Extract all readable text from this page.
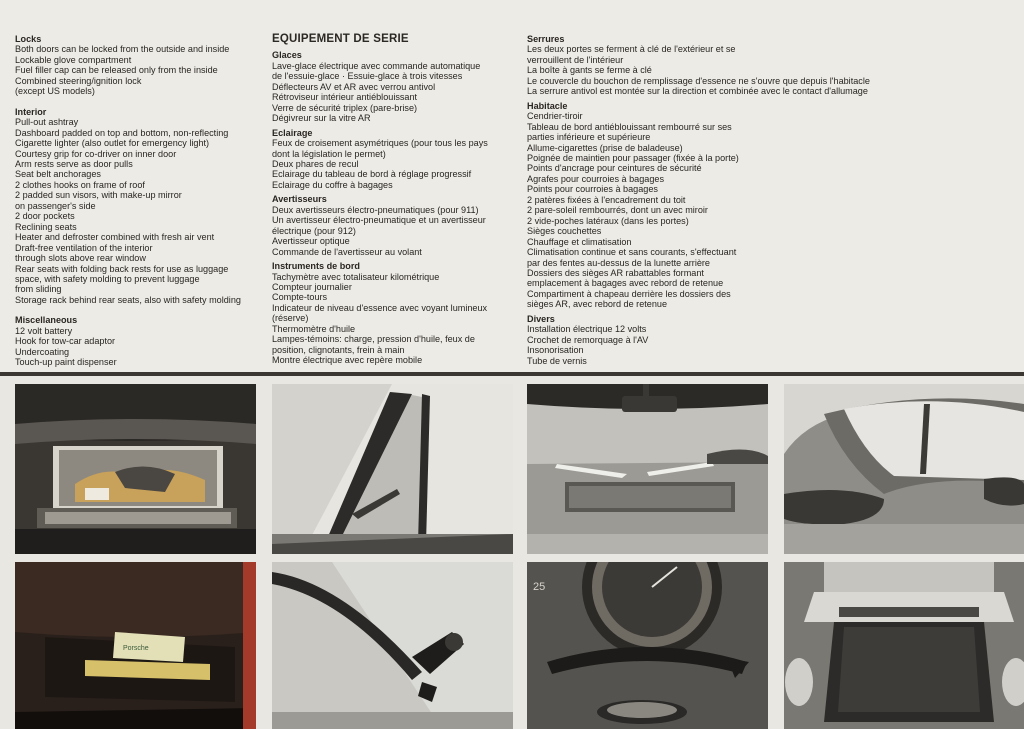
Locks
Both doors can be locked from the outside and inside
Lockable glove compartment
Fuel filler cap can be released only from the inside
Combined steering/ignition lock
(except US models)
Interior
Pull-out ashtray
Dashboard padded on top and bottom, non-reflecting
Cigarette lighter (also outlet for emergency light)
Courtesy grip for co-driver on inner door
Arm rests serve as door pulls
Seat belt anchorages
2 clothes hooks on frame of roof
2 padded sun visors, with make-up mirror
on passenger's side
2 door pockets
Reclining seats
Heater and defroster combined with fresh air vent
Draft-free ventilation of the interior
through slots above rear window
Rear seats with folding back rests for use as luggage
space, with safety molding to prevent luggage
from sliding
Storage rack behind rear seats, also with safety molding
Miscellaneous
12 volt battery
Hook for tow-car adaptor
Undercoating
Touch-up paint dispenser
EQUIPEMENT DE SERIE
Glaces
Lave-glace électrique avec commande automatique
de l'essuie-glace · Essuie-glace à trois vitesses
Déflecteurs AV et AR avec verrou antivol
Rétroviseur intérieur antiéblouissant
Verre de sécurité triplex (pare-brise)
Dégivreur sur la vitre AR
Eclairage
Feux de croisement asymétriques (pour tous les pays
dont la législation le permet)
Deux phares de recul
Eclairage du tableau de bord à réglage progressif
Eclairage du coffre à bagages
Avertisseurs
Deux avertisseurs électro-pneumatiques (pour 911)
Un avertisseur électro-pneumatique et un avertisseur
électrique (pour 912)
Avertisseur optique
Commande de l'avertisseur au volant
Instruments de bord
Tachymètre avec totalisateur kilométrique
Compteur journalier
Compte-tours
Indicateur de niveau d'essence avec voyant lumineux
(réserve)
Thermomètre d'huile
Lampes-témoins: charge, pression d'huile, feux de
position, clignotants, frein à main
Montre électrique avec repère mobile
Serrures
Les deux portes se ferment à clé de l'extérieur et se
verrouillent de l'intérieur
La boîte à gants se ferme à clé
Le couvercle du bouchon de remplissage d'essence ne s'ouvre que depuis l'habitacle
La serrure antivol est montée sur la direction et combinée avec le contact d'allumage
Habitacle
Cendrier-tiroir
Tableau de bord antiéblouissant rembourré sur ses
parties inférieure et supérieure
Allume-cigarettes (prise de baladeuse)
Poignée de maintien pour passager (fixée à la porte)
Points d'ancrage pour ceintures de sécurité
Agrafes pour courroies à bagages
Points pour courroies à bagages
2 patères fixées à l'encadrement du toit
2 pare-soleil rembourrés, dont un avec miroir
2 vide-poches latéraux (dans les portes)
Sièges couchettes
Chauffage et climatisation
Climatisation continue et sans courants, s'effectuant
par des fentes au-dessus de la lunette arrière
Dossiers des sièges AR rabattables formant
emplacement à bagages avec rebord de retenue
Compartiment à chapeau derrière les dossiers des
sièges AR, avec rebord de retenue
Divers
Installation électrique 12 volts
Crochet de remorquage à l'AV
Insonorisation
Tube de vernis
Porsche
25
